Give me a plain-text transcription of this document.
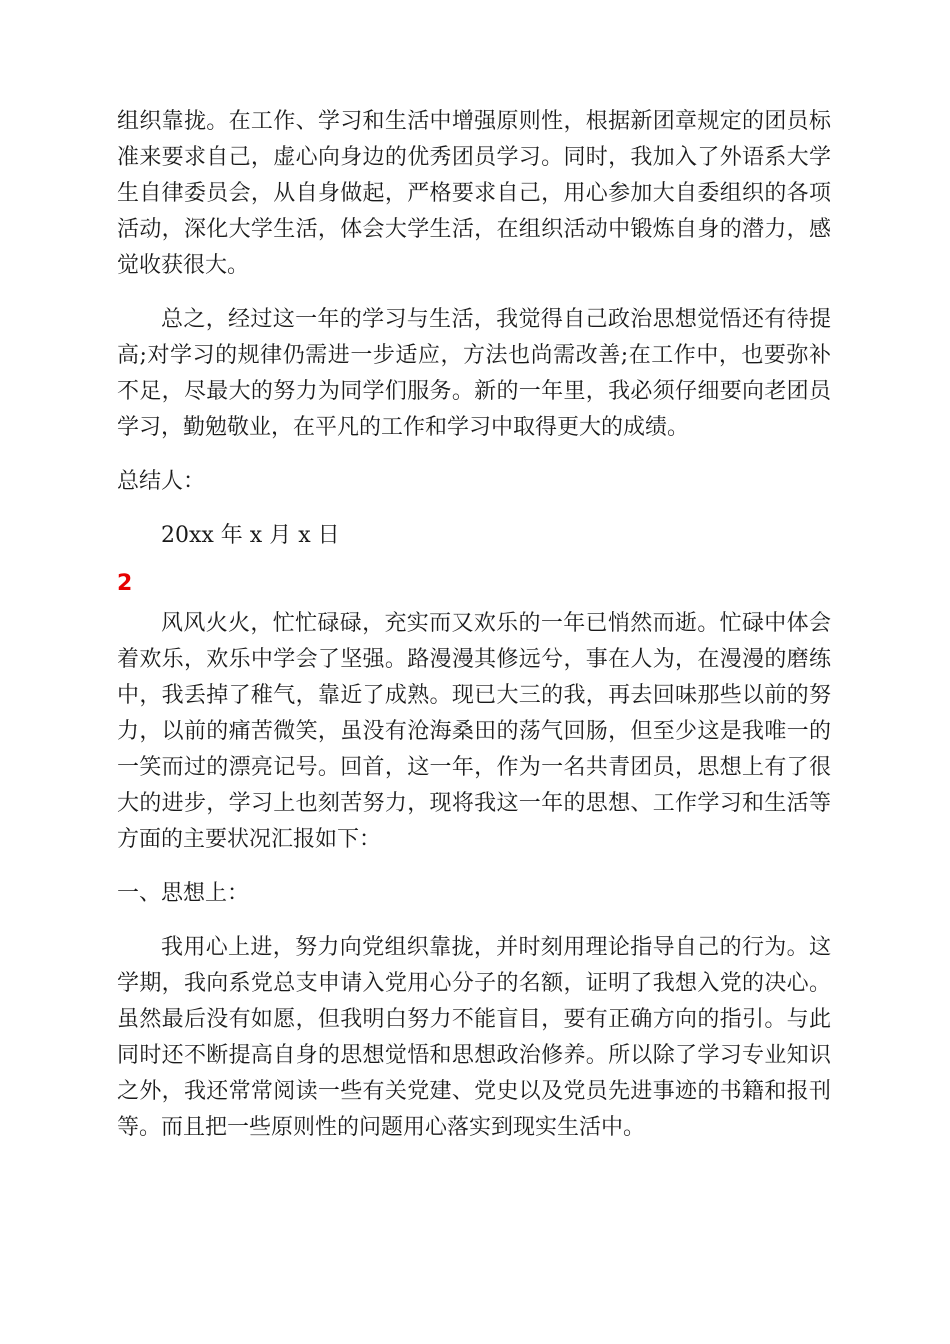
组织靠拢。在工作、学习和生活中增强原则性，根据新团章规定的团员标准来要求自己，虚心向身边的优秀团员学习。同时，我加入了外语系大学生自律委员会，从自身做起，严格要求自己，用心参加大自委组织的各项活动，深化大学生活，体会大学生活，在组织活动中锻炼自身的潜力，感觉收获很大。

总之，经过这一年的学习与生活，我觉得自己政治思想觉悟还有待提高;对学习的规律仍需进一步适应，方法也尚需改善;在工作中，也要弥补不足，尽最大的努力为同学们服务。新的一年里，我必须仔细要向老团员学习，勤勉敬业，在平凡的工作和学习中取得更大的成绩。

总结人：
20xx 年 x 月 x 日
2

风风火火，忙忙碌碌，充实而又欢乐的一年已悄然而逝。忙碌中体会着欢乐，欢乐中学会了坚强。路漫漫其修远兮，事在人为，在漫漫的磨练中，我丢掉了稚气，靠近了成熟。现已大三的我，再去回味那些以前的努力，以前的痛苦微笑，虽没有沧海桑田的荡气回肠，但至少这是我唯一的一笑而过的漂亮记号。回首，这一年，作为一名共青团员，思想上有了很大的进步，学习上也刻苦努力，现将我这一年的思想、工作学习和生活等方面的主要状况汇报如下：

一、思想上：

我用心上进，努力向党组织靠拢，并时刻用理论指导自己的行为。这学期，我向系党总支申请入党用心分子的名额，证明了我想入党的决心。虽然最后没有如愿，但我明白努力不能盲目，要有正确方向的指引。与此同时还不断提高自身的思想觉悟和思想政治修养。所以除了学习专业知识之外，我还常常阅读一些有关党建、党史以及党员先进事迹的书籍和报刊等。而且把一些原则性的问题用心落实到现实生活中。
